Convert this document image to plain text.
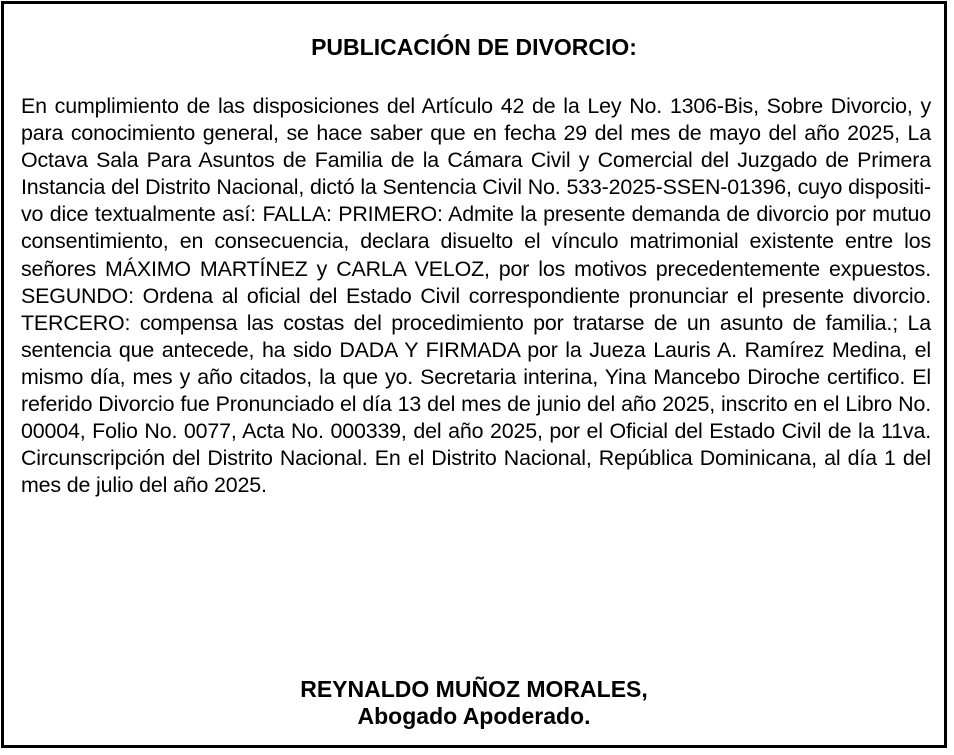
PUBLICACIÓN DE DIVORCIO:

En cumplimiento de las disposiciones del Artículo 42 de la Ley No. 1306-Bis, Sobre Divorcio, y para conocimiento general, se hace saber que en fecha 29 del mes de mayo del año 2025, La Octava Sala Para Asuntos de Familia de la Cámara Civil y Comercial del Juzgado de Primera Instancia del Distrito Nacional, dictó la Sentencia Civil No. 533-2025-SSEN-01396, cuyo dispositi-vo dice textualmente así: FALLA: PRIMERO: Admite la presente demanda de divorcio por mutuo consentimiento, en consecuencia, declara disuelto el vínculo matrimonial existente entre los señores MÁXIMO MARTÍNEZ y CARLA VELOZ, por los motivos precedentemente expuestos. SEGUNDO: Ordena al oficial del Estado Civil correspondiente pronunciar el presente divorcio. TERCERO: compensa las costas del procedimiento por tratarse de un asunto de familia.; La sentencia que antecede, ha sido DADA Y FIRMADA por la Jueza Lauris A. Ramírez Medina, el mismo día, mes y año citados, la que yo. Secretaria interina, Yina Mancebo Diroche certifico. El referido Divorcio fue Pronunciado el día 13 del mes de junio del año 2025, inscrito en el Libro No. 00004, Folio No. 0077, Acta No. 000339, del año 2025, por el Oficial del Estado Civil de la 11va. Circunscripción del Distrito Nacional. En el Distrito Nacional, República Dominicana, al día 1 del mes de julio del año 2025.

REYNALDO MUÑOZ MORALES,
Abogado Apoderado.
